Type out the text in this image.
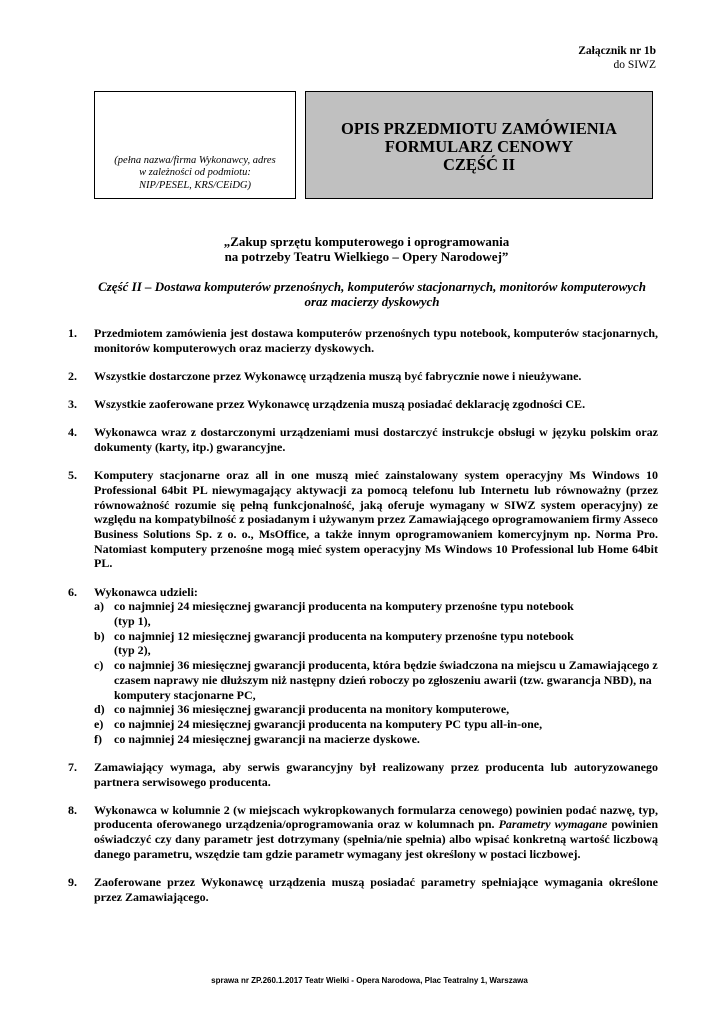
Załącznik nr 1b
do SIWZ
(pełna nazwa/firma Wykonawcy, adres
w zależności od podmiotu:
NIP/PESEL, KRS/CEiDG)
OPIS PRZEDMIOTU ZAMÓWIENIA
FORMULARZ CENOWY
CZĘŚĆ II
„Zakup sprzętu komputerowego i oprogramowania
na potrzeby Teatru Wielkiego – Opery Narodowej”
Część II – Dostawa komputerów przenośnych, komputerów stacjonarnych, monitorów komputerowych
oraz macierzy dyskowych
1. Przedmiotem zamówienia jest dostawa komputerów przenośnych typu notebook, komputerów stacjonarnych, monitorów komputerowych oraz macierzy dyskowych.
2. Wszystkie dostarczone przez Wykonawcę urządzenia muszą być fabrycznie nowe i nieużywane.
3. Wszystkie zaoferowane przez Wykonawcę urządzenia muszą posiadać deklarację zgodności CE.
4. Wykonawca wraz z dostarczonymi urządzeniami musi dostarczyć instrukcje obsługi w języku polskim oraz dokumenty (karty, itp.) gwarancyjne.
5. Komputery stacjonarne oraz all in one muszą mieć zainstalowany system operacyjny Ms Windows 10 Professional 64bit PL niewymagający aktywacji za pomocą telefonu lub Internetu lub równoważny (przez równoważność rozumie się pełną funkcjonalność, jaką oferuje wymagany w SIWZ system operacyjny) ze względu na kompatybilność z posiadanym i używanym przez Zamawiającego oprogramowaniem firmy Asseco Business Solutions Sp. z o. o., MsOffice, a także innym oprogramowaniem komercyjnym np. Norma Pro. Natomiast komputery przenośne mogą mieć system operacyjny Ms Windows 10 Professional lub Home 64bit PL.
6. Wykonawca udzieli:
a) co najmniej 24 miesięcznej gwarancji producenta na komputery przenośne typu notebook
(typ 1),
b) co najmniej 12 miesięcznej gwarancji producenta na komputery przenośne typu notebook
(typ 2),
c) co najmniej 36 miesięcznej gwarancji producenta, która będzie świadczona na miejscu u Zamawiającego z czasem naprawy nie dłuższym niż następny dzień roboczy po zgłoszeniu awarii (tzw. gwarancja NBD), na komputery stacjonarne PC,
d) co najmniej 36 miesięcznej gwarancji producenta na monitory komputerowe,
e) co najmniej 24 miesięcznej gwarancji producenta na komputery PC typu all-in-one,
f) co najmniej 24 miesięcznej gwarancji na macierze dyskowe.
7. Zamawiający wymaga, aby serwis gwarancyjny był realizowany przez producenta lub autoryzowanego partnera serwisowego producenta.
8. Wykonawca w kolumnie 2 (w miejscach wykropkowanych formularza cenowego) powinien podać nazwę, typ, producenta oferowanego urządzenia/oprogramowania oraz w kolumnach pn. Parametry wymagane powinien oświadczyć czy dany parametr jest dotrzymany (spełnia/nie spełnia) albo wpisać konkretną wartość liczbową danego parametru, wszędzie tam gdzie parametr wymagany jest określony w postaci liczbowej.
9. Zaoferowane przez Wykonawcę urządzenia muszą posiadać parametry spełniające wymagania określone przez Zamawiającego.
sprawa nr ZP.260.1.2017 Teatr Wielki - Opera Narodowa, Plac Teatralny 1, Warszawa
